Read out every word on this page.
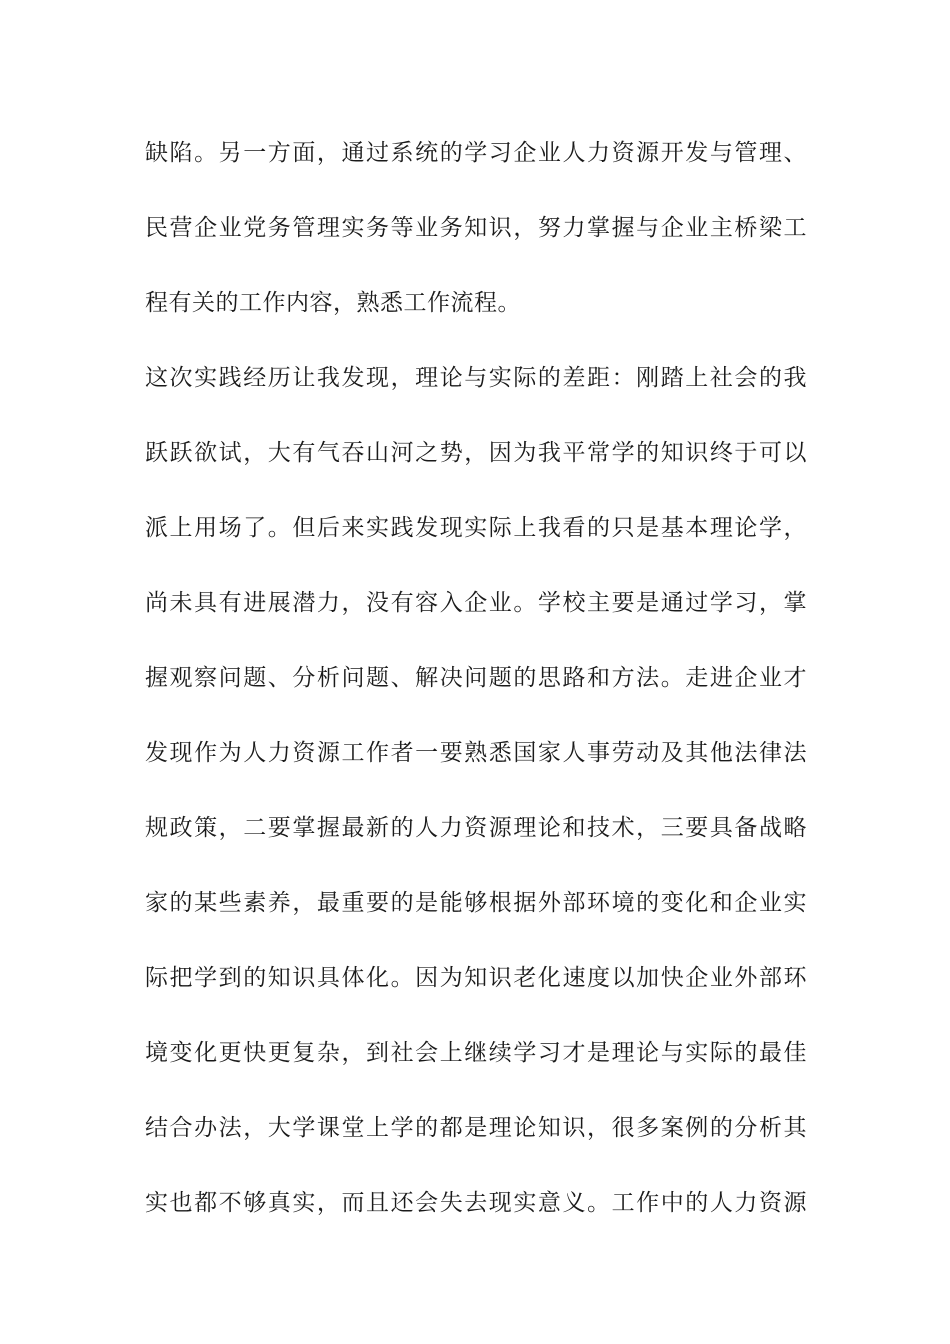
缺陷。另一方面，通过系统的学习企业人力资源开发与管理、
民营企业党务管理实务等业务知识，努力掌握与企业主桥梁工
程有关的工作内容，熟悉工作流程。
这次实践经历让我发现，理论与实际的差距：刚踏上社会的我
跃跃欲试，大有气吞山河之势，因为我平常学的知识终于可以
派上用场了。但后来实践发现实际上我看的只是基本理论学，
尚未具有进展潜力，没有容入企业。学校主要是通过学习，掌
握观察问题、分析问题、解决问题的思路和方法。走进企业才
发现作为人力资源工作者一要熟悉国家人事劳动及其他法律法
规政策，二要掌握最新的人力资源理论和技术，三要具备战略
家的某些素养，最重要的是能够根据外部环境的变化和企业实
际把学到的知识具体化。因为知识老化速度以加快企业外部环
境变化更快更复杂，到社会上继续学习才是理论与实际的最佳
结合办法，大学课堂上学的都是理论知识，很多案例的分析其
实也都不够真实，而且还会失去现实意义。工作中的人力资源
